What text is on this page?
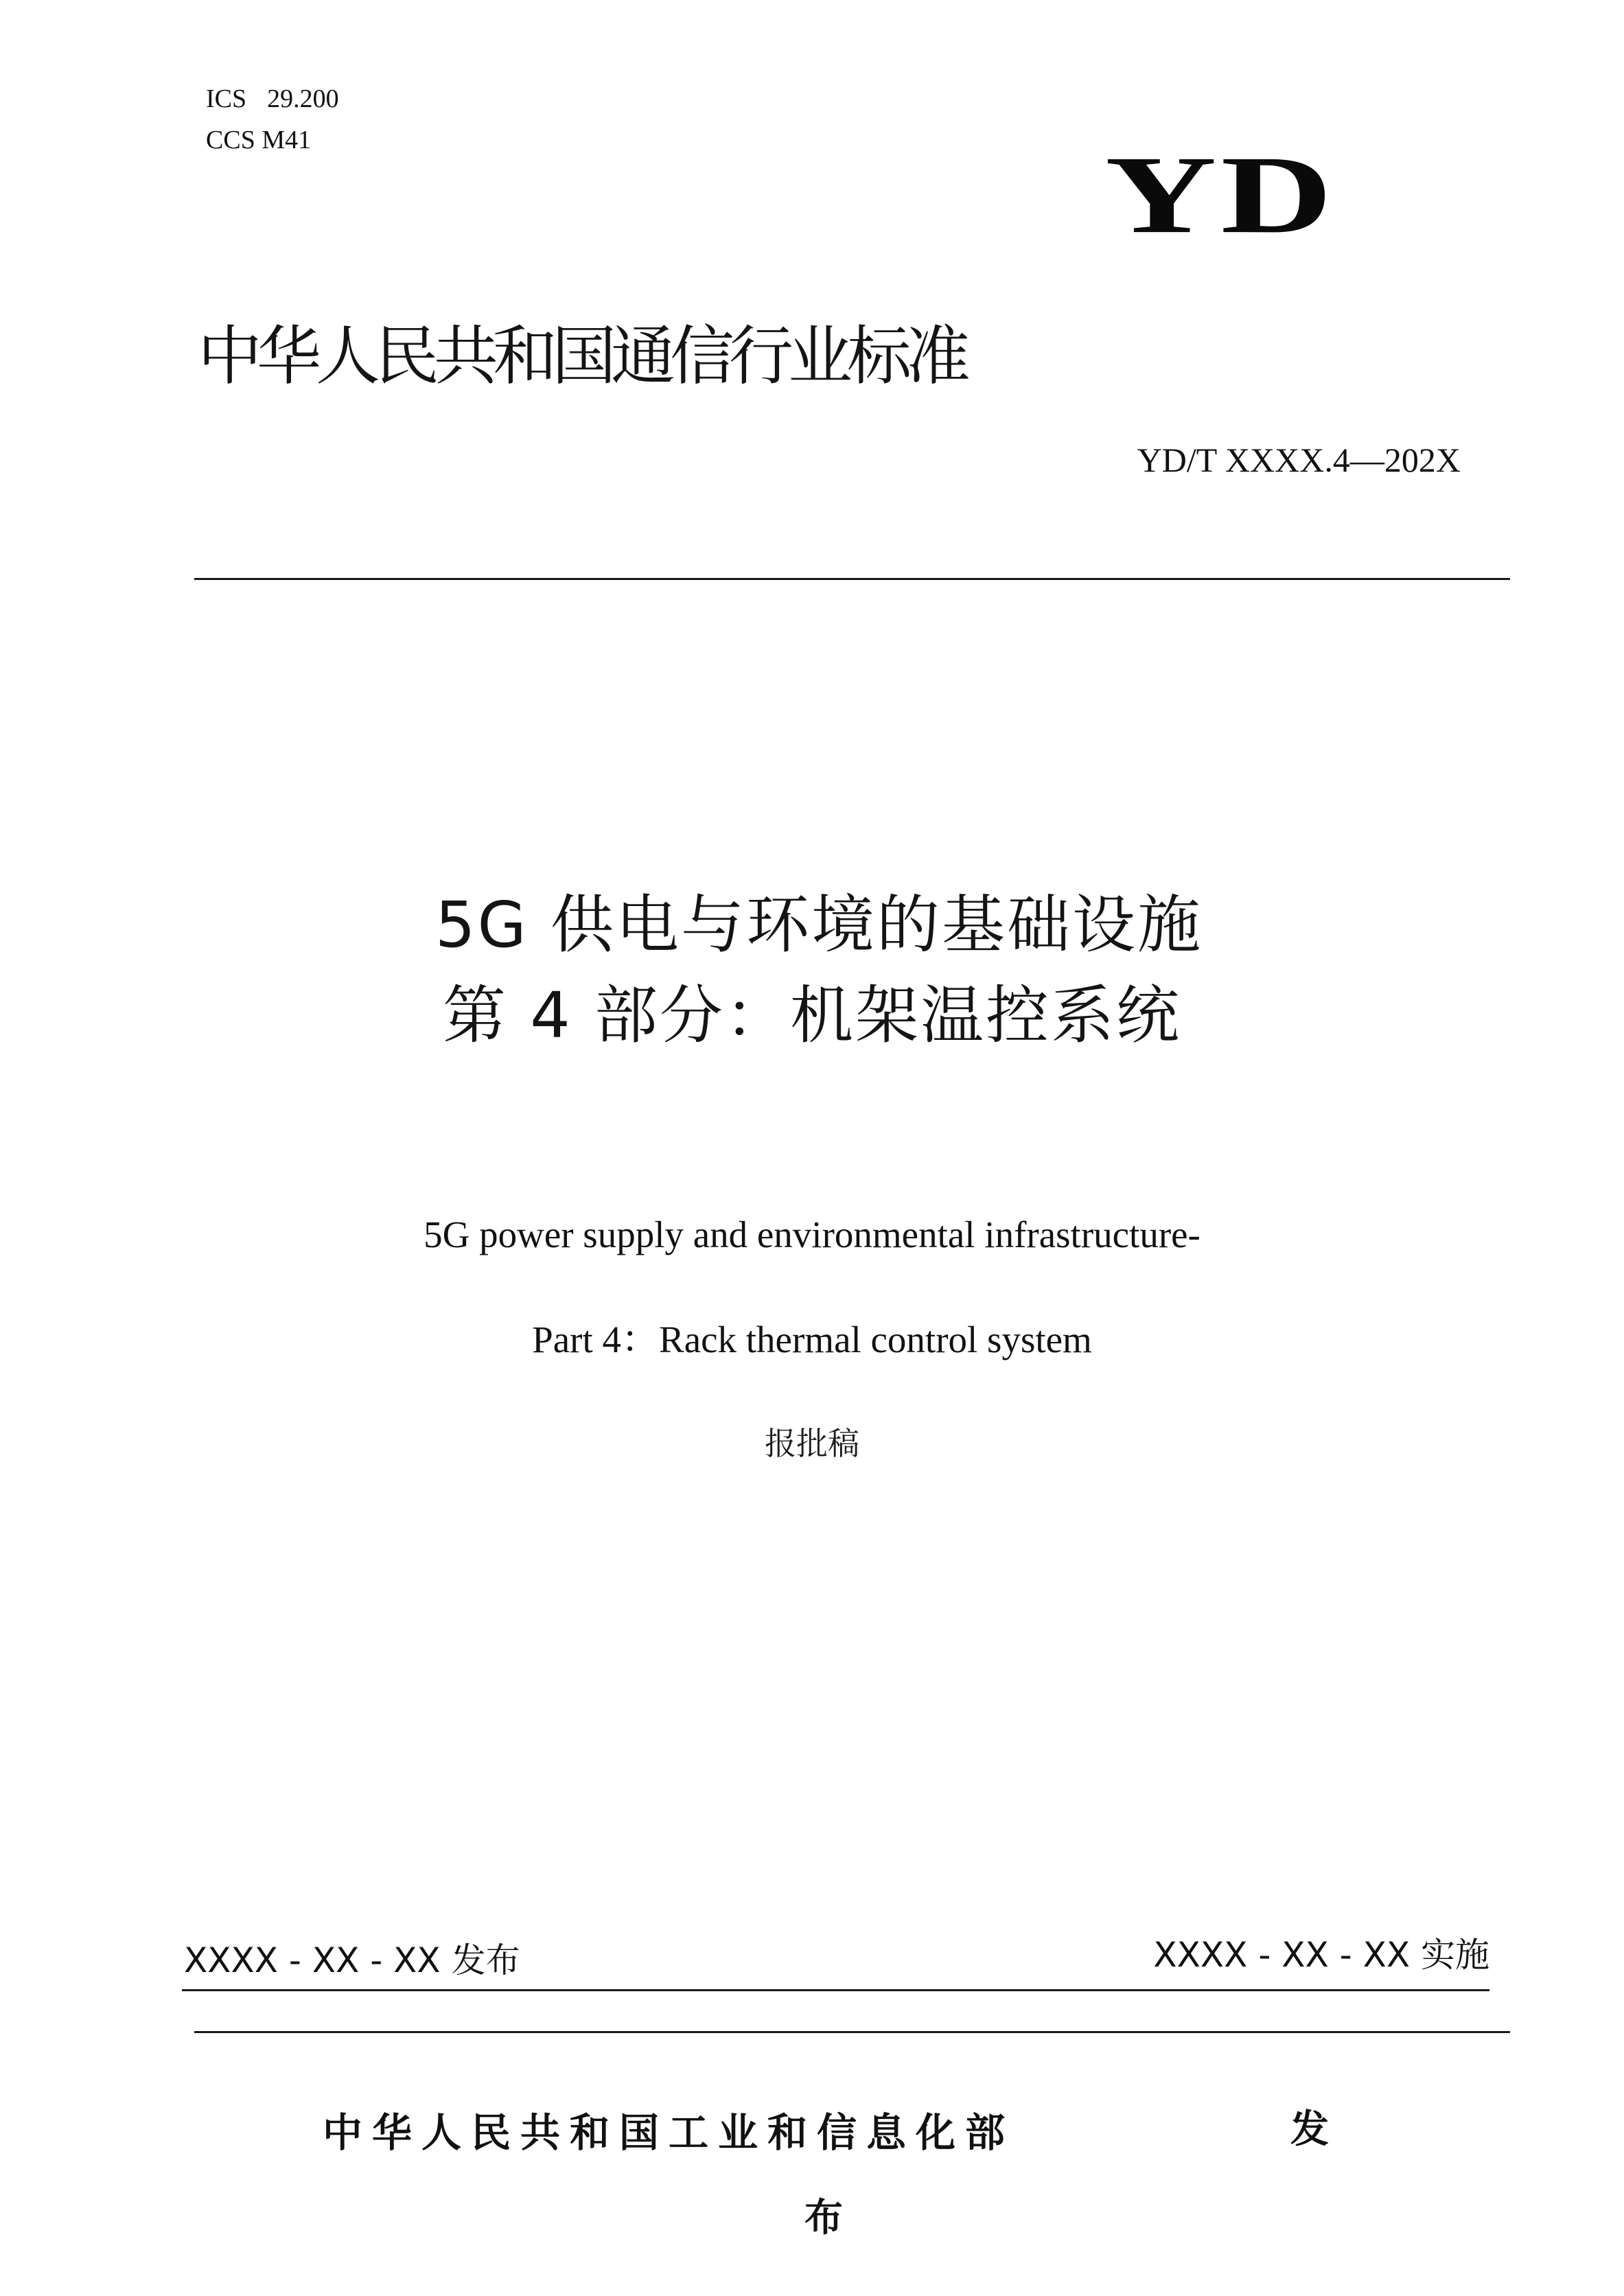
ICS 29.200
CCS M41	YD
中华人民共和国通信行业标准
YD/T XXXX.4—202X
5G 供电与环境的基础设施
第 4 部分：机架温控系统
5G power supply and environmental infrastructure-
Part 4：Rack thermal control system
报批稿
XXXX - XX - XX 发布	XXXX - XX - XX 实施
中华人民共和国工业和信息化部	发
布
